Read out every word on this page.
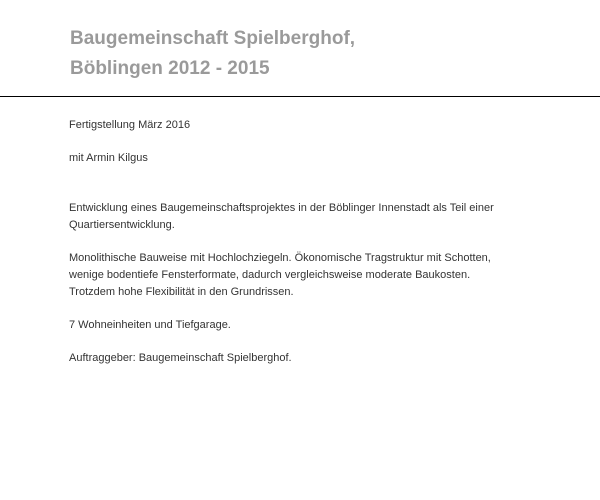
Baugemeinschaft Spielberghof,
Böblingen 2012 - 2015

Fertigstellung März 2016

mit Armin Kilgus

Entwicklung eines Baugemeinschaftsprojektes in der Böblinger Innenstadt als Teil einer

Quartiersentwicklung.

Monolithische Bauweise mit Hochlochziegeln. Ökonomische Tragstruktur mit Schotten,

wenige bodentiefe Fensterformate, dadurch vergleichsweise moderate Baukosten.

Trotzdem hohe Flexibilität in den Grundrissen.

7 Wohneinheiten und Tiefgarage.

Auftraggeber: Baugemeinschaft Spielberghof.
